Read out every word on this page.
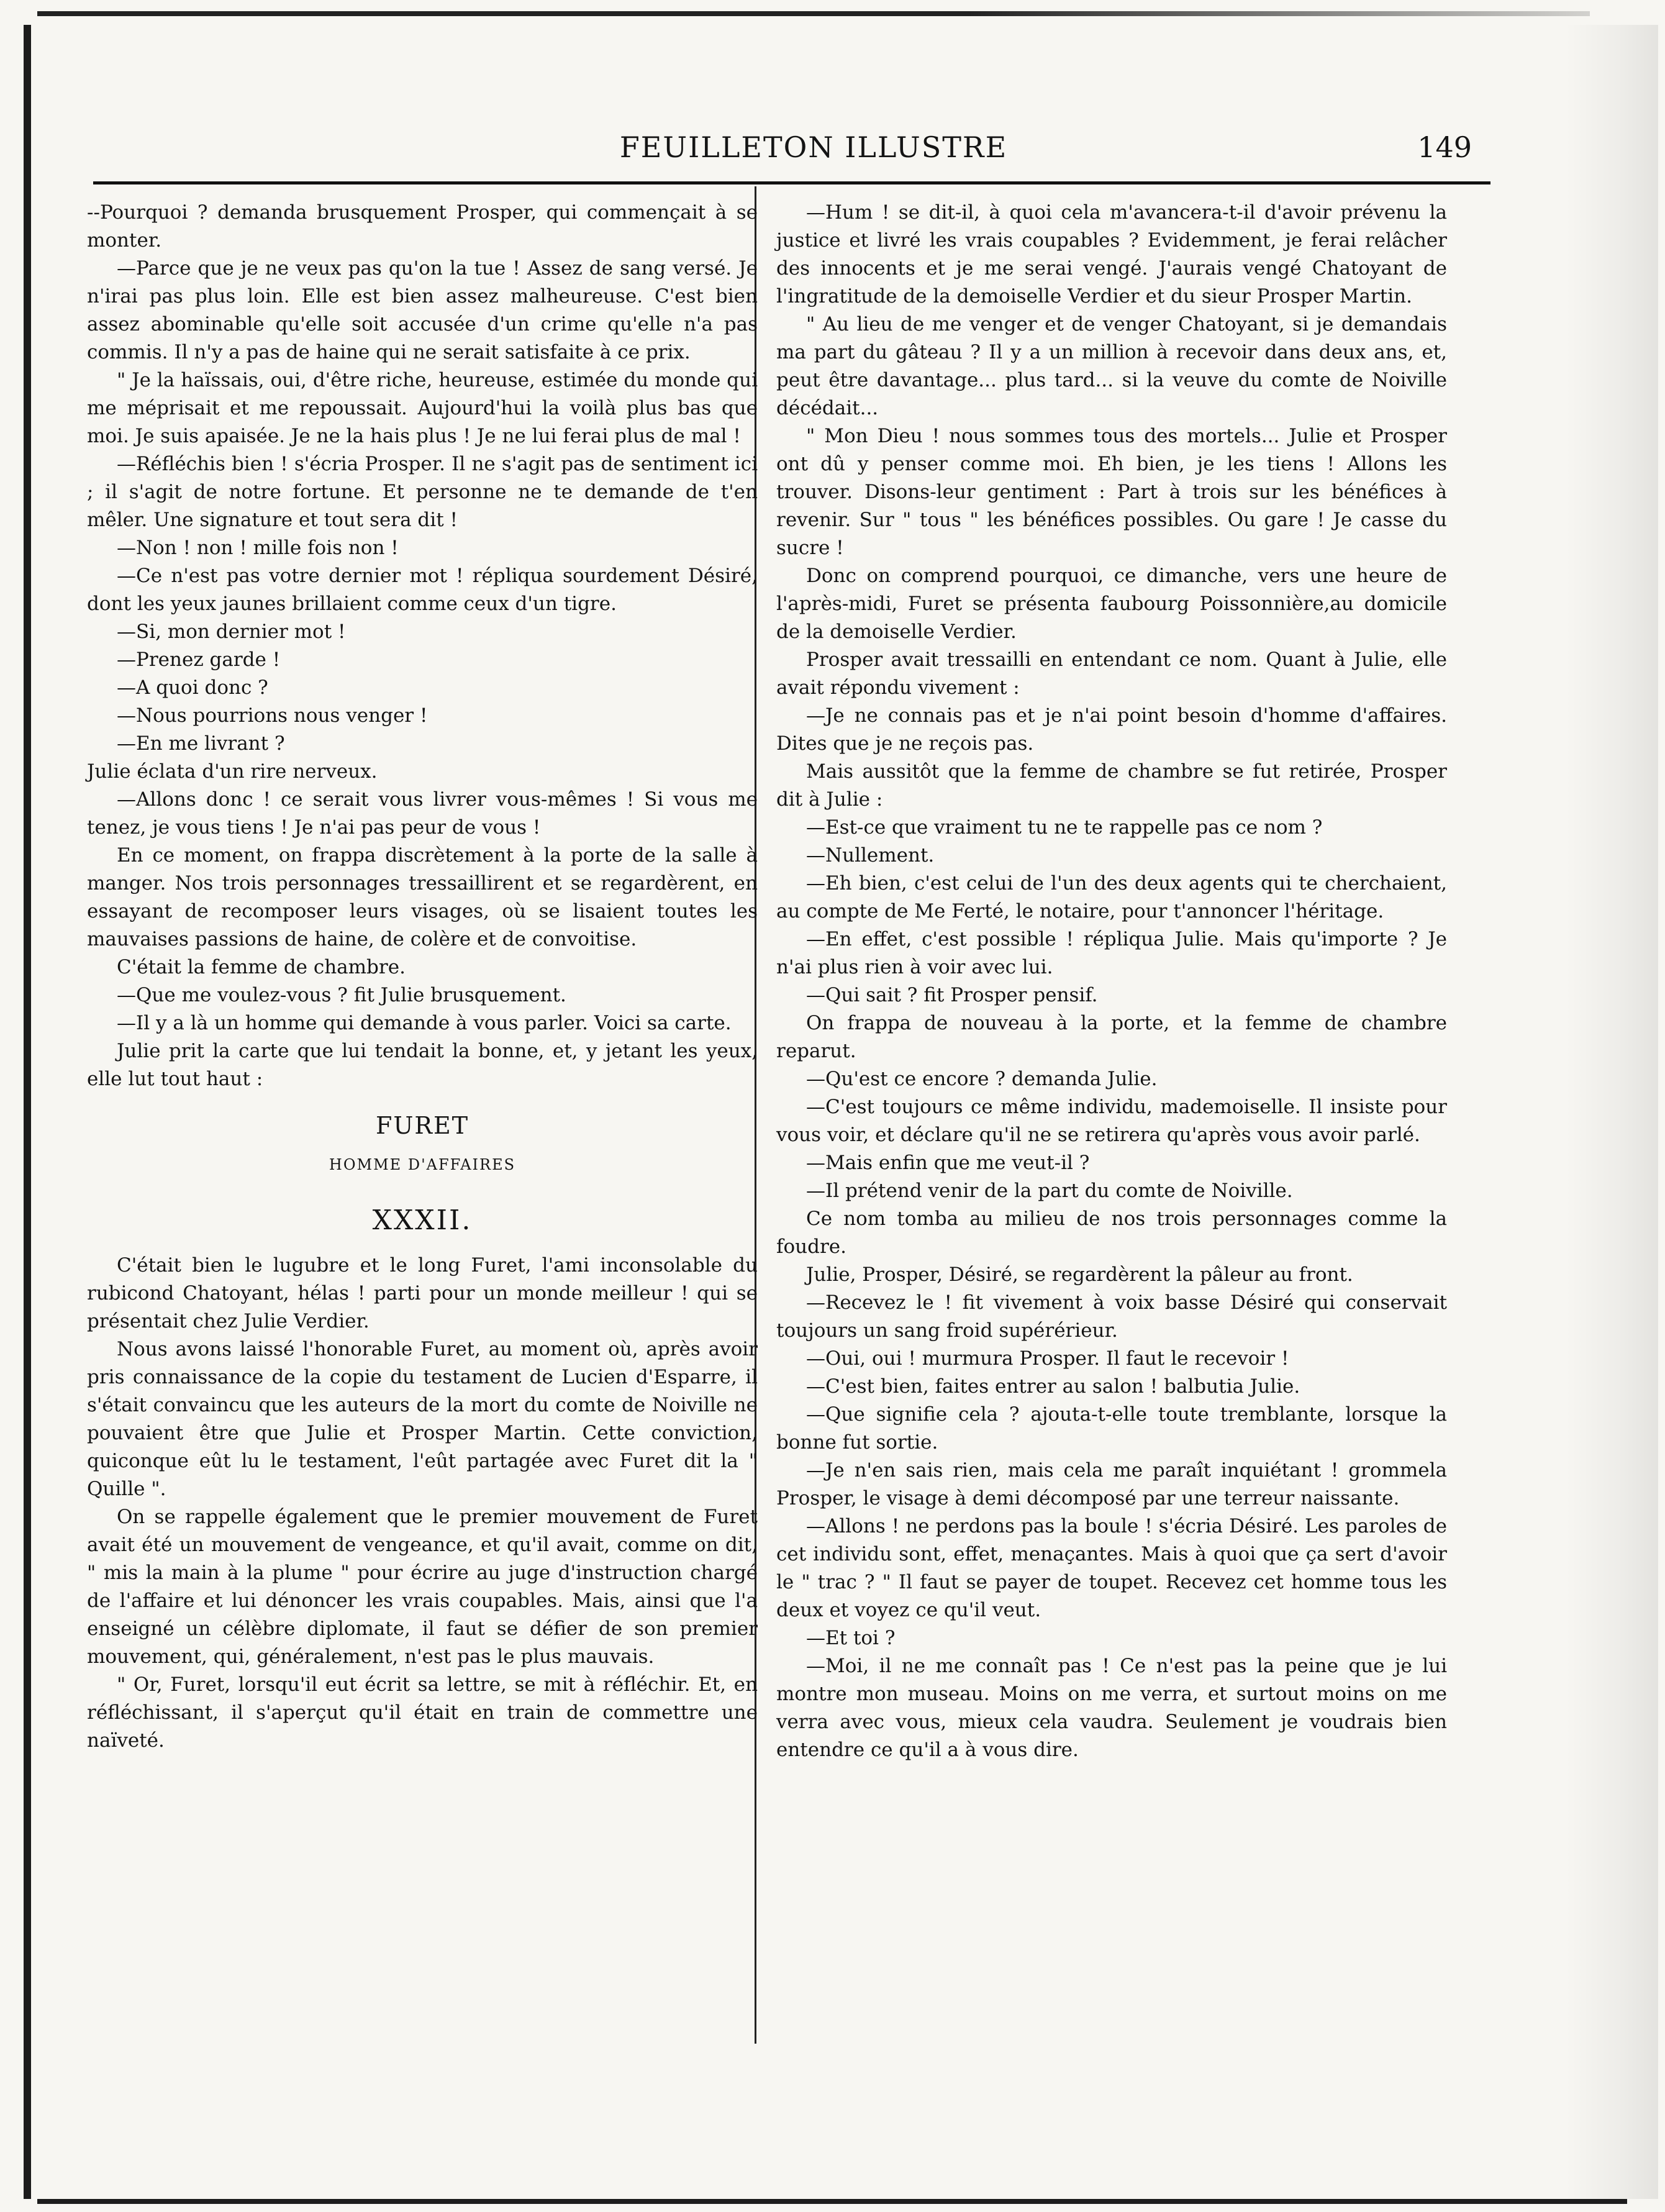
FEUILLETON ILLUSTRE	149

--Pourquoi ? demanda brusquement Prosper, qui commençait à se monter.

—Parce que je ne veux pas qu'on la tue ! Assez de sang versé. Je n'irai pas plus loin. Elle est bien assez malheureuse. C'est bien assez abominable qu'elle soit accusée d'un crime qu'elle n'a pas commis. Il n'y a pas de haine qui ne serait satisfaite à ce prix.

" Je la haïssais, oui, d'être riche, heureuse, estimée du monde qui me méprisait et me repoussait. Aujourd'hui la voilà plus bas que moi. Je suis apaisée. Je ne la hais plus ! Je ne lui ferai plus de mal !

—Réfléchis bien ! s'écria Prosper. Il ne s'agit pas de sentiment ici ; il s'agit de notre fortune. Et personne ne te demande de t'en mêler. Une signature et tout sera dit !

—Non ! non ! mille fois non !

—Ce n'est pas votre dernier mot ! répliqua sourdement Désiré, dont les yeux jaunes brillaient comme ceux d'un tigre.

—Si, mon dernier mot !

—Prenez garde !

—A quoi donc ?

—Nous pourrions nous venger !

—En me livrant ?

Julie éclata d'un rire nerveux.

—Allons donc ! ce serait vous livrer vous-mêmes ! Si vous me tenez, je vous tiens ! Je n'ai pas peur de vous !

En ce moment, on frappa discrètement à la porte de la salle à manger. Nos trois personnages tressaillirent et se regardèrent, en essayant de recomposer leurs visages, où se lisaient toutes les mauvaises passions de haine, de colère et de convoitise.

C'était la femme de chambre.

—Que me voulez-vous ? fit Julie brusquement.

—Il y a là un homme qui demande à vous parler. Voici sa carte.

Julie prit la carte que lui tendait la bonne, et, y jetant les yeux, elle lut tout haut :

FURET

HOMME D'AFFAIRES

XXXII.

C'était bien le lugubre et le long Furet, l'ami inconsolable du rubicond Chatoyant, hélas ! parti pour un monde meilleur ! qui se présentait chez Julie Verdier.

Nous avons laissé l'honorable Furet, au moment où, après avoir pris connaissance de la copie du testament de Lucien d'Esparre, il s'était convaincu que les auteurs de la mort du comte de Noiville ne pouvaient être que Julie et Prosper Martin. Cette conviction, quiconque eût lu le testament, l'eût partagée avec Furet dit la " Quille ".

On se rappelle également que le premier mouvement de Furet avait été un mouvement de vengeance, et qu'il avait, comme on dit, " mis la main à la plume " pour écrire au juge d'instruction chargé de l'affaire et lui dénoncer les vrais coupables. Mais, ainsi que l'a enseigné un célèbre diplomate, il faut se défier de son premier mouvement, qui, généralement, n'est pas le plus mauvais.

" Or, Furet, lorsqu'il eut écrit sa lettre, se mit à réfléchir. Et, en réfléchissant, il s'aperçut qu'il était en train de commettre une naïveté.

—Hum ! se dit-il, à quoi cela m'avancera-t-il d'avoir prévenu la justice et livré les vrais coupables ? Evidemment, je ferai relâcher des innocents et je me serai vengé. J'aurais vengé Chatoyant de l'ingratitude de la demoiselle Verdier et du sieur Prosper Martin.

" Au lieu de me venger et de venger Chatoyant, si je demandais ma part du gâteau ? Il y a un million à recevoir dans deux ans, et, peut être davantage... plus tard... si la veuve du comte de Noiville décédait...

" Mon Dieu ! nous sommes tous des mortels... Julie et Prosper ont dû y penser comme moi. Eh bien, je les tiens ! Allons les trouver. Disons-leur gentiment : Part à trois sur les bénéfices à revenir. Sur " tous " les bénéfices possibles. Ou gare ! Je casse du sucre !

Donc on comprend pourquoi, ce dimanche, vers une heure de l'après-midi, Furet se présenta faubourg Poissonnière,au domicile de la demoiselle Verdier.

Prosper avait tressailli en entendant ce nom. Quant à Julie, elle avait répondu vivement :

—Je ne connais pas et je n'ai point besoin d'homme d'affaires. Dites que je ne reçois pas.

Mais aussitôt que la femme de chambre se fut retirée, Prosper dit à Julie :

—Est-ce que vraiment tu ne te rappelle pas ce nom ?

—Nullement.

—Eh bien, c'est celui de l'un des deux agents qui te cherchaient, au compte de Me Ferté, le notaire, pour t'annoncer l'héritage.

—En effet, c'est possible ! répliqua Julie. Mais qu'importe ? Je n'ai plus rien à voir avec lui.

—Qui sait ? fit Prosper pensif.

On frappa de nouveau à la porte, et la femme de chambre reparut.

—Qu'est ce encore ? demanda Julie.

—C'est toujours ce même individu, mademoiselle. Il insiste pour vous voir, et déclare qu'il ne se retirera qu'après vous avoir parlé.

—Mais enfin que me veut-il ?

—Il prétend venir de la part du comte de Noiville.

Ce nom tomba au milieu de nos trois personnages comme la foudre.

Julie, Prosper, Désiré, se regardèrent la pâleur au front.

—Recevez le ! fit vivement à voix basse Désiré qui conservait toujours un sang froid supérérieur.

—Oui, oui ! murmura Prosper. Il faut le recevoir !

—C'est bien, faites entrer au salon ! balbutia Julie.

—Que signifie cela ? ajouta-t-elle toute tremblante, lorsque la bonne fut sortie.

—Je n'en sais rien, mais cela me paraît inquiétant ! grommela Prosper, le visage à demi décomposé par une terreur naissante.

—Allons ! ne perdons pas la boule ! s'écria Désiré. Les paroles de cet individu sont, effet, menaçantes. Mais à quoi que ça sert d'avoir le " trac ? " Il faut se payer de toupet. Recevez cet homme tous les deux et voyez ce qu'il veut.

—Et toi ?

—Moi, il ne me connaît pas ! Ce n'est pas la peine que je lui montre mon museau. Moins on me verra, et surtout moins on me verra avec vous, mieux cela vaudra. Seulement je voudrais bien entendre ce qu'il a à vous dire.
